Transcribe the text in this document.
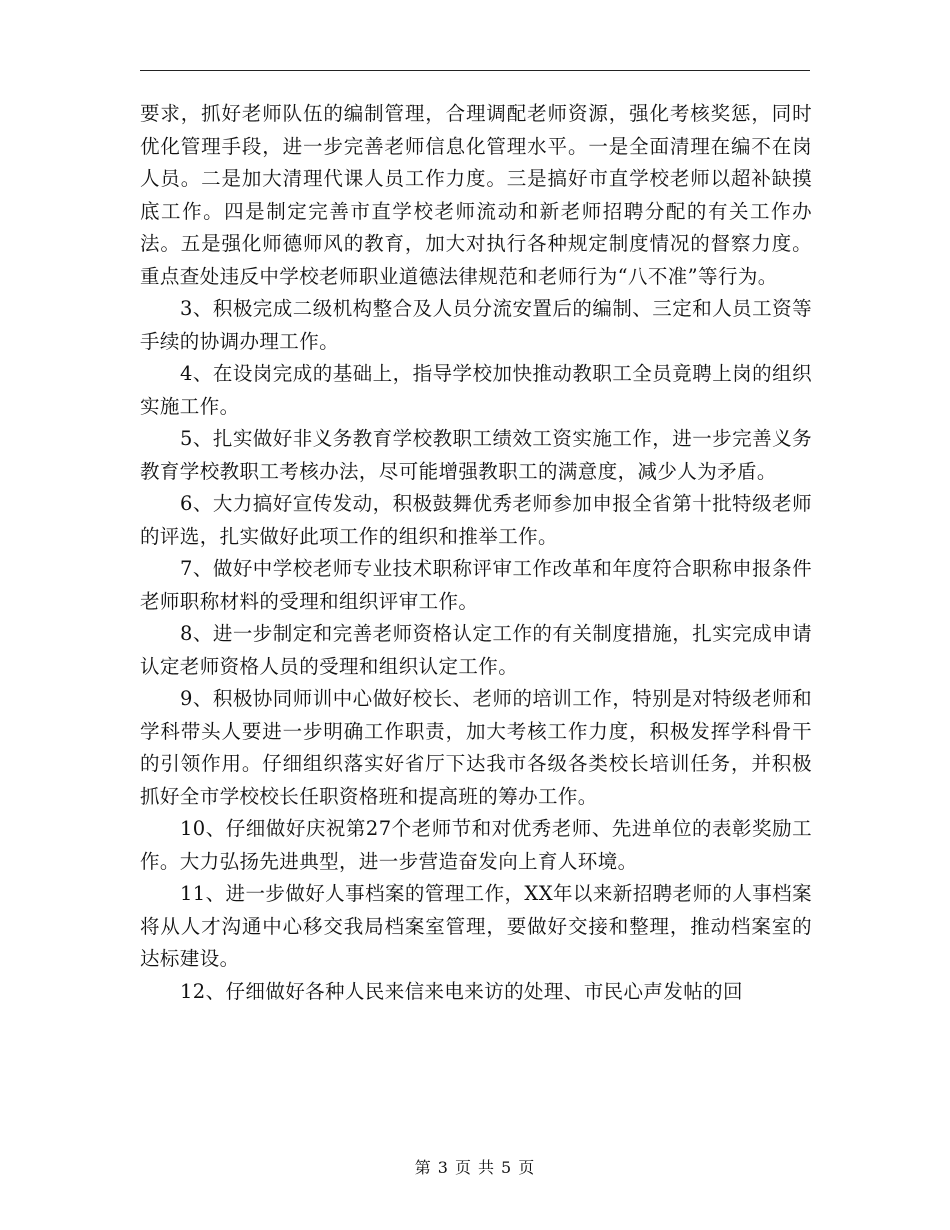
要求，抓好老师队伍的编制管理，合理调配老师资源，强化考核奖惩，同时优化管理手段，进一步完善老师信息化管理水平。一是全面清理在编不在岗人员。二是加大清理代课人员工作力度。三是搞好市直学校老师以超补缺摸底工作。四是制定完善市直学校老师流动和新老师招聘分配的有关工作办法。五是强化师德师风的教育，加大对执行各种规定制度情况的督察力度。重点查处违反中学校老师职业道德法律规范和老师行为“八不准”等行为。

3、积极完成二级机构整合及人员分流安置后的编制、三定和人员工资等手续的协调办理工作。

4、在设岗完成的基础上，指导学校加快推动教职工全员竟聘上岗的组织实施工作。

5、扎实做好非义务教育学校教职工绩效工资实施工作，进一步完善义务教育学校教职工考核办法，尽可能增强教职工的满意度，减少人为矛盾。

6、大力搞好宣传发动，积极鼓舞优秀老师参加申报全省第十批特级老师的评选，扎实做好此项工作的组织和推举工作。

7、做好中学校老师专业技术职称评审工作改革和年度符合职称申报条件老师职称材料的受理和组织评审工作。

8、进一步制定和完善老师资格认定工作的有关制度措施，扎实完成申请认定老师资格人员的受理和组织认定工作。

9、积极协同师训中心做好校长、老师的培训工作，特别是对特级老师和学科带头人要进一步明确工作职责，加大考核工作力度，积极发挥学科骨干的引领作用。仔细组织落实好省厅下达我市各级各类校长培训任务，并积极抓好全市学校校长任职资格班和提高班的筹办工作。

10、仔细做好庆祝第27个老师节和对优秀老师、先进单位的表彰奖励工作。大力弘扬先进典型，进一步营造奋发向上育人环境。

11、进一步做好人事档案的管理工作，XX年以来新招聘老师的人事档案将从人才沟通中心移交我局档案室管理，要做好交接和整理，推动档案室的达标建设。

12、仔细做好各种人民来信来电来访的处理、市民心声发帖的回

第 3 页 共 5 页
